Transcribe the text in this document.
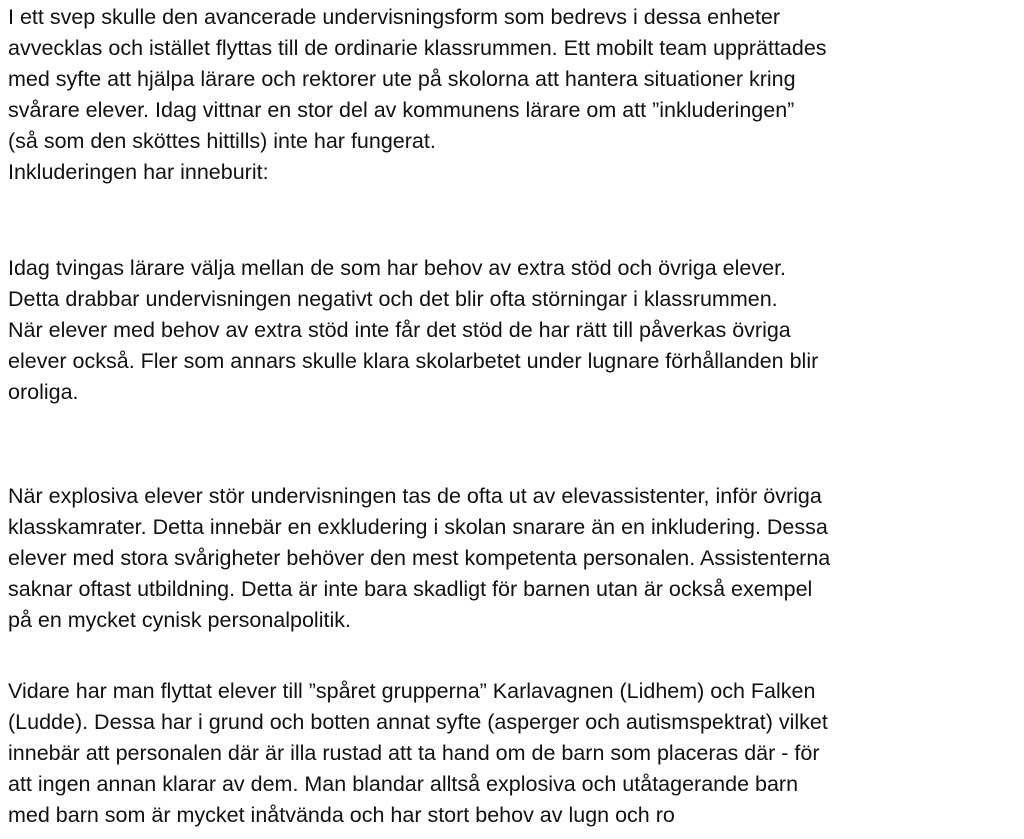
I ett svep skulle den avancerade undervisningsform som bedrevs i dessa enheter
avvecklas och istället flyttas till de ordinarie klassrummen. Ett mobilt team upprättades
med syfte att hjälpa lärare och rektorer ute på skolorna att hantera situationer kring
svårare elever. Idag vittnar en stor del av kommunens lärare om att ”inkluderingen”
(så som den sköttes hittills) inte har fungerat.
Inkluderingen har inneburit:

Idag tvingas lärare välja mellan de som har behov av extra stöd och övriga elever.
Detta drabbar undervisningen negativt och det blir ofta störningar i klassrummen.
När elever med behov av extra stöd inte får det stöd de har rätt till påverkas övriga
elever också. Fler som annars skulle klara skolarbetet under lugnare förhållanden blir
oroliga.

När explosiva elever stör undervisningen tas de ofta ut av elevassistenter, inför övriga
klasskamrater. Detta innebär en exkludering i skolan snarare än en inkludering. Dessa
elever med stora svårigheter behöver den mest kompetenta personalen. Assistenterna
saknar oftast utbildning. Detta är inte bara skadligt för barnen utan är också exempel
på en mycket cynisk personalpolitik.

Vidare har man flyttat elever till ”spåret grupperna” Karlavagnen (Lidhem) och Falken
(Ludde). Dessa har i grund och botten annat syfte (asperger och autismspektrat) vilket
innebär att personalen där är illa rustad att ta hand om de barn som placeras där - för
att ingen annan klarar av dem. Man blandar alltså explosiva och utåtagerande barn
med barn som är mycket inåtvända och har stort behov av lugn och ro
